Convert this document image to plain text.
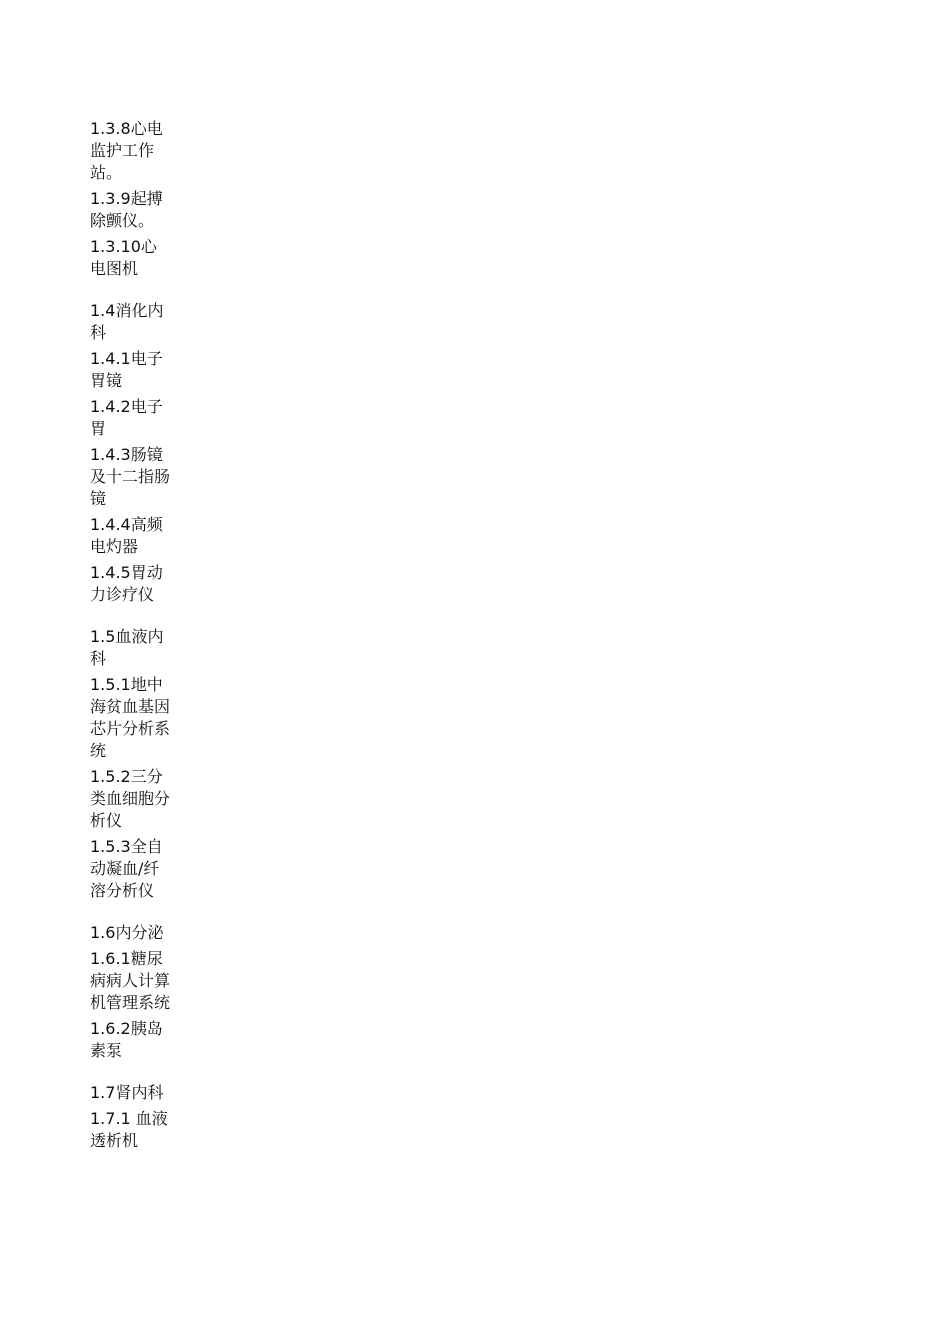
1.3.8心电监护工作站。
1.3.9起搏除颤仪。
1.3.10心电图机
1.4消化内科
1.4.1电子胃镜
1.4.2电子胃
1.4.3肠镜及十二指肠镜
1.4.4高频电灼器
1.4.5胃动力诊疗仪
1.5血液内科
1.5.1地中海贫血基因芯片分析系统
1.5.2三分类血细胞分析仪
1.5.3全自动凝血/纤溶分析仪
1.6内分泌
1.6.1糖尿病病人计算机管理系统
1.6.2胰岛素泵
1.7肾内科
1.7.1 血液透析机
